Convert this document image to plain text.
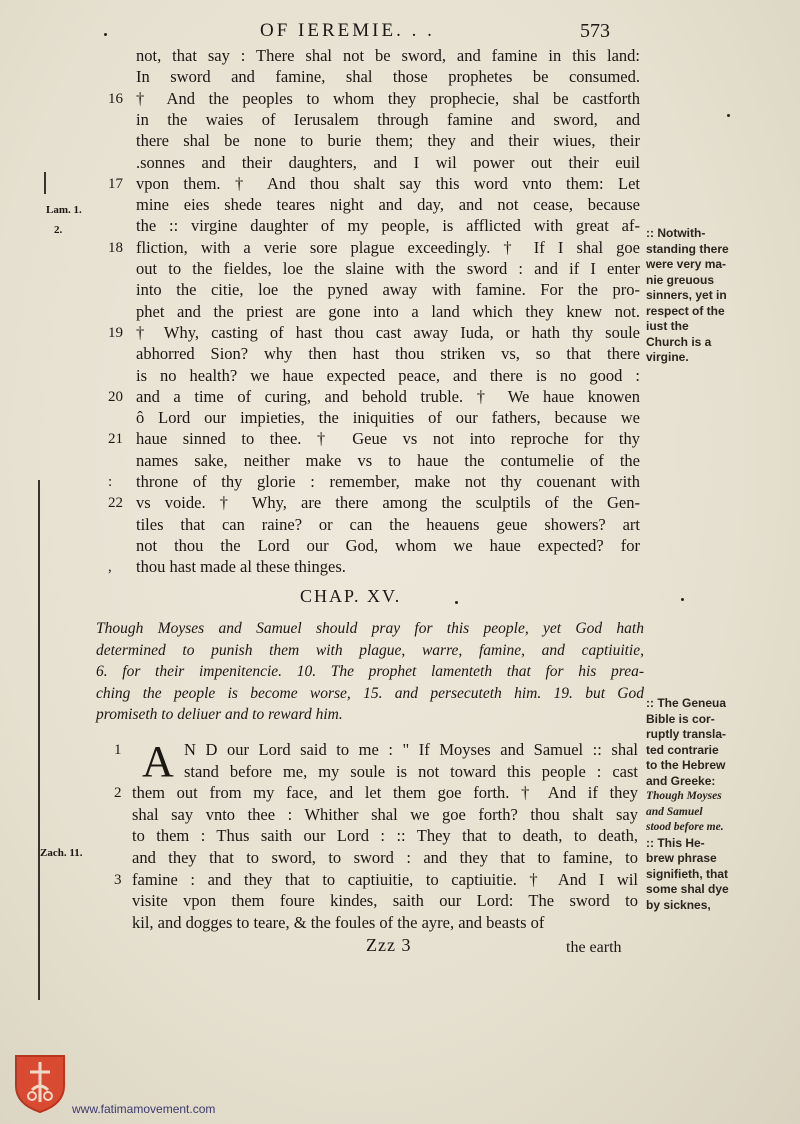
OF IEREMIE. . .	573
Lam. 1.
2.
Zach. 11.
not, that say : There shal not be sword, and famine in this land:
In sword and famine, shal those prophetes be consumed.
16 † And the peoples to whom they prophecie, shal be castforth
in the waies of Ierusalem through famine and sword, and
there shal be none to burie them; they and their wiues, their
.sonnes and their daughters, and I wil power out their euil
17 vpon them. † And thou shalt say this word vnto them: Let
mine eies shede teares night and day, and not cease, because
the :: virgine daughter of my people, is afflicted with great af-
18 fliction, with a verie sore plague exceedingly. † If I shal goe
out to the fieldes, loe the slaine with the sword : and if I enter
into the citie, loe the pyned away with famine. For the pro-
phet and the priest are gone into a land which they knew not.
19 † Why, casting of hast thou cast away Iuda, or hath thy soule
abhorred Sion? why then hast thou striken vs, so that there
is no health? we haue expected peace, and there is no good :
20 and a time of curing, and behold truble. † We haue knowen
ô Lord our impieties, the iniquities of our fathers, because we
21 haue sinned to thee. † Geue vs not into reproche for thy
names sake, neither make vs to haue the contumelie of the
: throne of thy glorie : remember, make not thy couenant with
22 vs voide. † Why, are there among the sculptils of the Gen-
tiles that can raine? or can the heauens geue showers? art
not thou the Lord our God, whom we haue expected? for
, thou hast made al these thinges.
CHAP. XV.
Though Moyses and Samuel should pray for this people, yet God hath
determined to punish them with plague, warre, famine, and captiuitie,
6. for their impenitencie. 10. The prophet lamenteth that for his prea-
ching the people is become worse, 15. and persecuteth him. 19. but God
promiseth to deliuer and to reward him.
A
1	N D our Lord said to me : " If Moyses and Samuel :: shal
stand before me, my soule is not toward this people : cast
2 them out from my face, and let them goe forth. † And if they
shal say vnto thee : Whither shal we goe forth? thou shalt say
to them : Thus saith our Lord : :: They that to death, to death,
and they that to sword, to sword : and they that to famine, to
3 famine : and they that to captiuitie, to captiuitie. † And I wil
visite vpon them foure kindes, saith our Lord: The sword to
kil, and dogges to teare, & the foules of the ayre, and beasts of
:: Notwith-
standing there
were very ma-
nie greuous
sinners, yet in
respect of the
iust the
Church is a
virgine.
:: The Geneua
Bible is cor-
ruptly transla-
ted contrarie
to the Hebrew
and Greeke:
Though Moyses
and Samuel
stood before me.
:: This He-
brew phrase
signifieth, that
some shal dye
by sicknes,
Zzz 3	the earth
www.fatimamovement.com
